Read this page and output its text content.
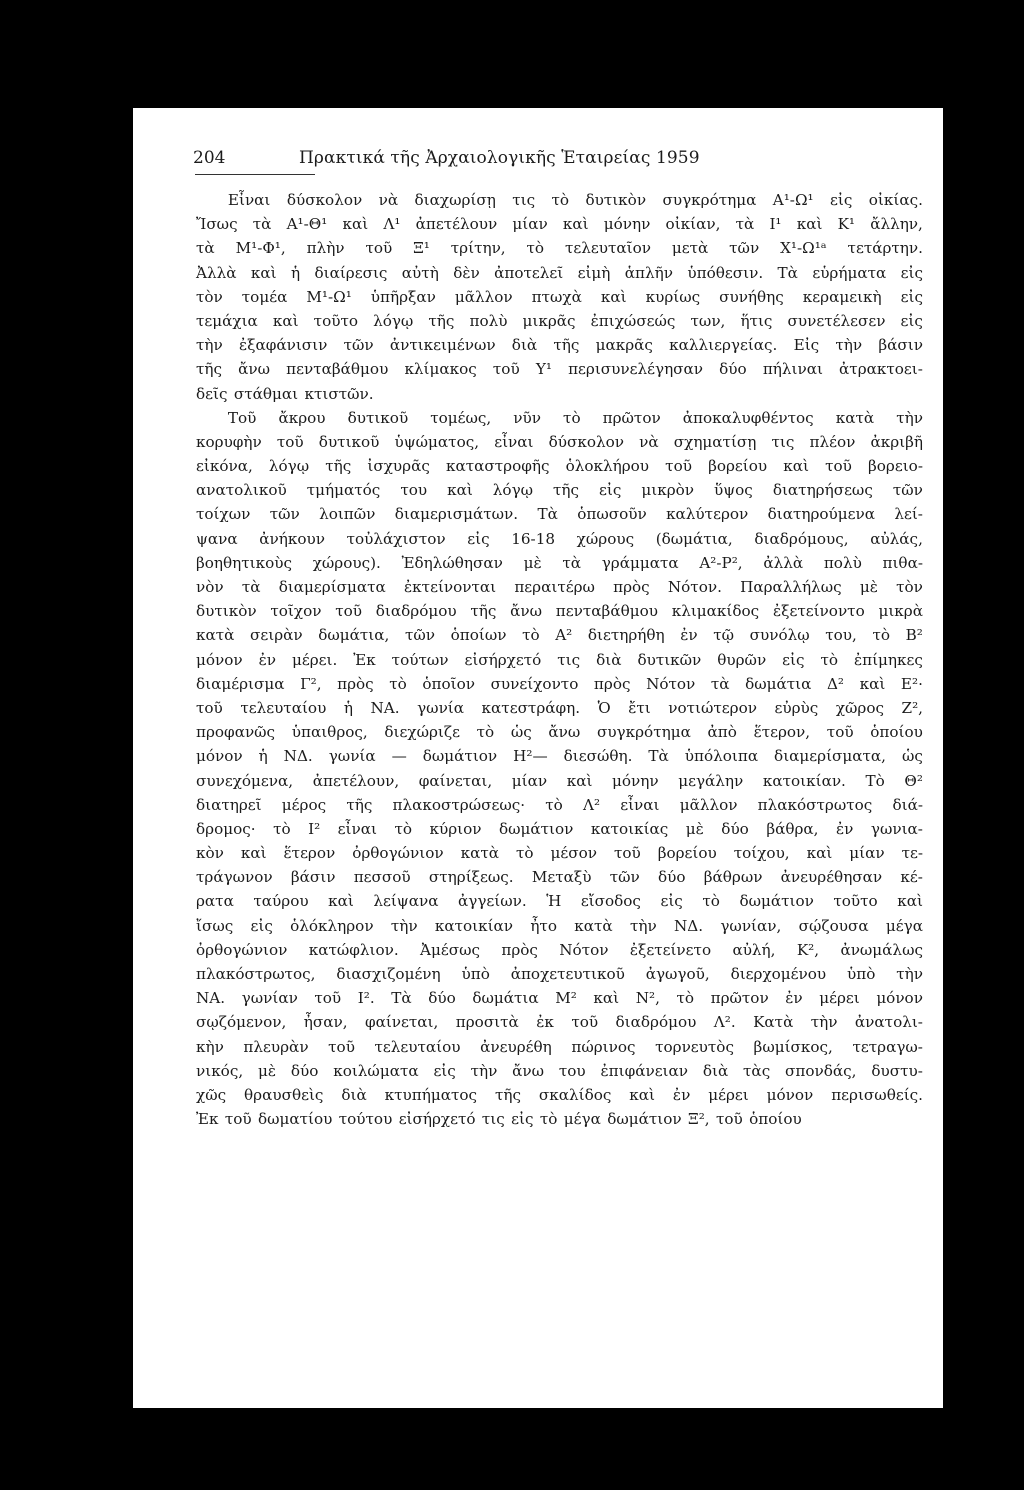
204	Πρακτικά τῆς Ἀρχαιολογικῆς Ἑταιρείας 1959
Εἶναι δύσκολον νὰ διαχωρίσῃ τις τὸ δυτικὸν συγκρότημα Α¹-Ω¹ εἰς οἰκίας.
Ἴσως τὰ Α¹-Θ¹ καὶ Λ¹ ἀπετέλουν μίαν καὶ μόνην οἰκίαν, τὰ Ι¹ καὶ Κ¹ ἄλλην,
τὰ Μ¹-Φ¹, πλὴν τοῦ Ξ¹ τρίτην, τὸ τελευταῖον μετὰ τῶν Χ¹-Ω¹ᵃ τετάρτην.
Ἀλλὰ καὶ ἡ διαίρεσις αὐτὴ δὲν ἀποτελεῖ εἰμὴ ἁπλῆν ὑπόθεσιν. Τὰ εὑρήματα εἰς
τὸν τομέα Μ¹-Ω¹ ὑπῆρξαν μᾶλλον πτωχὰ καὶ κυρίως συνήθης κεραμεικὴ εἰς
τεμάχια καὶ τοῦτο λόγῳ τῆς πολὺ μικρᾶς ἐπιχώσεώς των, ἥτις συνετέλεσεν εἰς
τὴν ἐξαφάνισιν τῶν ἀντικειμένων διὰ τῆς μακρᾶς καλλιεργείας. Εἰς τὴν βάσιν
τῆς ἄνω πενταβάθμου κλίμακος τοῦ Υ¹ περισυνελέγησαν δύο πήλιναι ἀτρακτοει-
δεῖς στάθμαι κτιστῶν.
Τοῦ ἄκρου δυτικοῦ τομέως, νῦν τὸ πρῶτον ἀποκαλυφθέντος κατὰ τὴν
κορυφὴν τοῦ δυτικοῦ ὑψώματος, εἶναι δύσκολον νὰ σχηματίσῃ τις πλέον ἀκριβῆ
εἰκόνα, λόγῳ τῆς ἰσχυρᾶς καταστροφῆς ὁλοκλήρου τοῦ βορείου καὶ τοῦ βορειο-
ανατολικοῦ τμήματός του καὶ λόγῳ τῆς εἰς μικρὸν ὕψος διατηρήσεως τῶν
τοίχων τῶν λοιπῶν διαμερισμάτων. Τὰ ὁπωσοῦν καλύτερον διατηρούμενα λεί-
ψανα ἀνήκουν τοὐλάχιστον εἰς 16-18 χώρους (δωμάτια, διαδρόμους, αὐλάς,
βοηθητικοὺς χώρους). Ἐδηλώθησαν μὲ τὰ γράμματα Α²-Ρ², ἀλλὰ πολὺ πιθα-
νὸν τὰ διαμερίσματα ἐκτείνονται περαιτέρω πρὸς Νότον. Παραλλήλως μὲ τὸν
δυτικὸν τοῖχον τοῦ διαδρόμου τῆς ἄνω πενταβάθμου κλιμακίδος ἐξετείνοντο μικρὰ
κατὰ σειρὰν δωμάτια, τῶν ὁποίων τὸ Α² διετηρήθη ἐν τῷ συνόλῳ του, τὸ Β²
μόνον ἐν μέρει. Ἐκ τούτων εἰσήρχετό τις διὰ δυτικῶν θυρῶν εἰς τὸ ἐπίμηκες
διαμέρισμα Γ², πρὸς τὸ ὁποῖον συνείχοντο πρὸς Νότον τὰ δωμάτια Δ² καὶ Ε²·
τοῦ τελευταίου ἡ ΝΑ. γωνία κατεστράφη. Ὁ ἔτι νοτιώτερον εὐρὺς χῶρος Ζ²,
προφανῶς ὑπαιθρος, διεχώριζε τὸ ὡς ἄνω συγκρότημα ἀπὸ ἕτερον, τοῦ ὁποίου
μόνον ἡ ΝΔ. γωνία — δωμάτιον Η²— διεσώθη. Τὰ ὑπόλοιπα διαμερίσματα, ὡς
συνεχόμενα, ἀπετέλουν, φαίνεται, μίαν καὶ μόνην μεγάλην κατοικίαν. Τὸ Θ²
διατηρεῖ μέρος τῆς πλακοστρώσεως· τὸ Λ² εἶναι μᾶλλον πλακόστρωτος διά-
δρομος· τὸ Ι² εἶναι τὸ κύριον δωμάτιον κατοικίας μὲ δύο βάθρα, ἐν γωνια-
κὸν καὶ ἕτερον ὀρθογώνιον κατὰ τὸ μέσον τοῦ βορείου τοίχου, καὶ μίαν τε-
τράγωνον βάσιν πεσσοῦ στηρίξεως. Μεταξὺ τῶν δύο βάθρων ἀνευρέθησαν κέ-
ρατα ταύρου καὶ λείψανα ἀγγείων. Ἡ εἴσοδος εἰς τὸ δωμάτιον τοῦτο καὶ
ἴσως εἰς ὁλόκληρον τὴν κατοικίαν ἦτο κατὰ τὴν ΝΔ. γωνίαν, σῴζουσα μέγα
ὀρθογώνιον κατώφλιον. Ἀμέσως πρὸς Νότον ἐξετείνετο αὐλή, Κ², ἀνωμάλως
πλακόστρωτος, διασχιζομένη ὑπὸ ἀποχετευτικοῦ ἀγωγοῦ, διερχομένου ὑπὸ τὴν
ΝΑ. γωνίαν τοῦ Ι². Τὰ δύο δωμάτια Μ² καὶ Ν², τὸ πρῶτον ἐν μέρει μόνον
σῳζόμενον, ἦσαν, φαίνεται, προσιτὰ ἐκ τοῦ διαδρόμου Λ². Κατὰ τὴν ἀνατολι-
κὴν πλευρὰν τοῦ τελευταίου ἀνευρέθη πώρινος τορνευτὸς βωμίσκος, τετραγω-
νικός, μὲ δύο κοιλώματα εἰς τὴν ἄνω του ἐπιφάνειαν διὰ τὰς σπονδάς, δυστυ-
χῶς θραυσθεὶς διὰ κτυπήματος τῆς σκαλίδος καὶ ἐν μέρει μόνον περισωθείς.
Ἐκ τοῦ δωματίου τούτου εἰσήρχετό τις εἰς τὸ μέγα δωμάτιον Ξ², τοῦ ὁποίου
